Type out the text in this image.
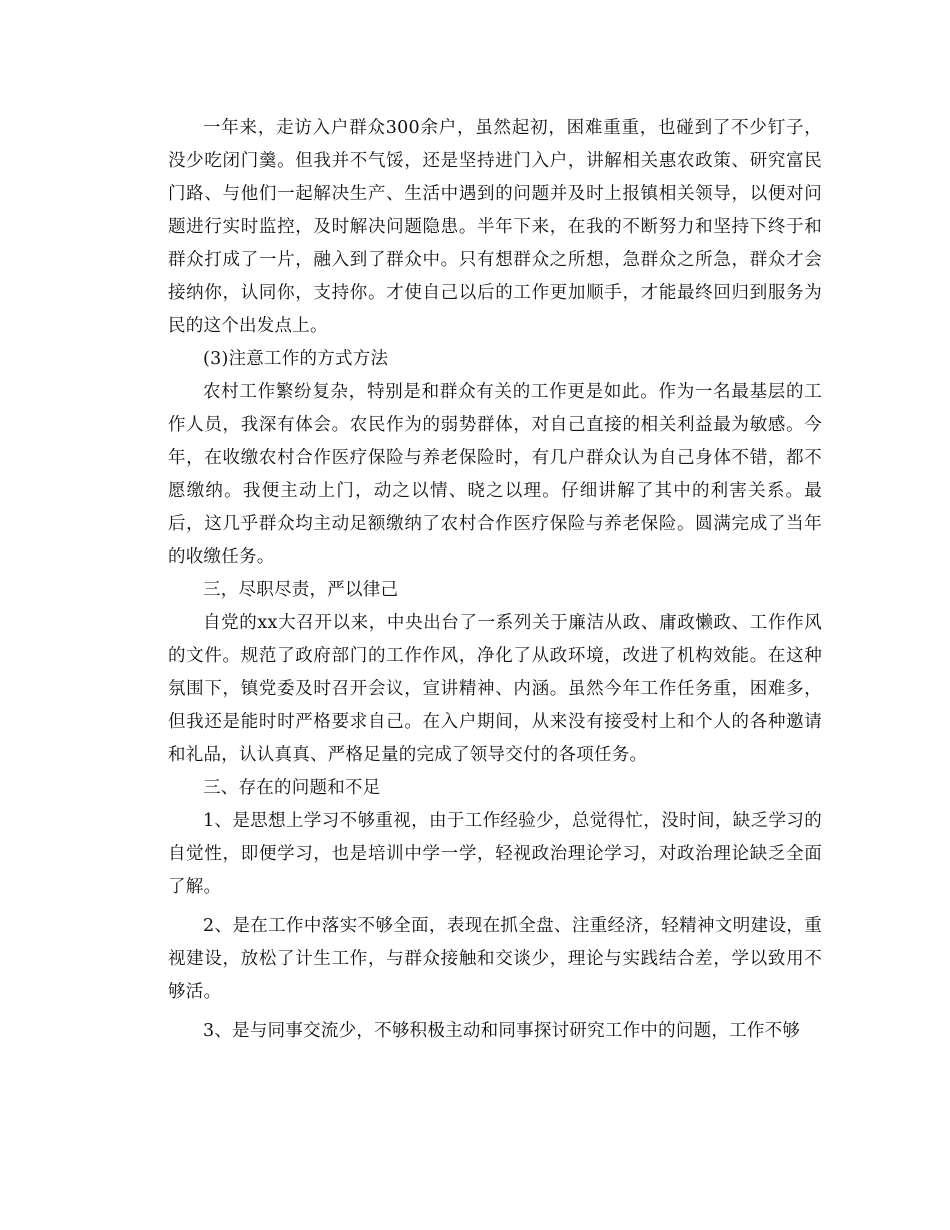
一年来，走访入户群众300余户，虽然起初，困难重重，也碰到了不少钉子，没少吃闭门羹。但我并不气馁，还是坚持进门入户，讲解相关惠农政策、研究富民门路、与他们一起解决生产、生活中遇到的问题并及时上报镇相关领导，以便对问题进行实时监控，及时解决问题隐患。半年下来，在我的不断努力和坚持下终于和群众打成了一片，融入到了群众中。只有想群众之所想，急群众之所急，群众才会接纳你，认同你，支持你。才使自己以后的工作更加顺手，才能最终回归到服务为民的这个出发点上。

(3)注意工作的方式方法

农村工作繁纷复杂，特别是和群众有关的工作更是如此。作为一名最基层的工作人员，我深有体会。农民作为的弱势群体，对自己直接的相关利益最为敏感。今年，在收缴农村合作医疗保险与养老保险时，有几户群众认为自己身体不错，都不愿缴纳。我便主动上门，动之以情、晓之以理。仔细讲解了其中的利害关系。最后，这几乎群众均主动足额缴纳了农村合作医疗保险与养老保险。圆满完成了当年的收缴任务。

三，尽职尽责，严以律己

自党的xx大召开以来，中央出台了一系列关于廉洁从政、庸政懒政、工作作风的文件。规范了政府部门的工作作风，净化了从政环境，改进了机构效能。在这种氛围下，镇党委及时召开会议，宣讲精神、内涵。虽然今年工作任务重，困难多，但我还是能时时严格要求自己。在入户期间，从来没有接受村上和个人的各种邀请和礼品，认认真真、严格足量的完成了领导交付的各项任务。

三、存在的问题和不足

1、是思想上学习不够重视，由于工作经验少，总觉得忙，没时间，缺乏学习的自觉性，即便学习，也是培训中学一学，轻视政治理论学习，对政治理论缺乏全面了解。

2、是在工作中落实不够全面，表现在抓全盘、注重经济，轻精神文明建设，重视建设，放松了计生工作，与群众接触和交谈少，理论与实践结合差，学以致用不够活。

3、是与同事交流少，不够积极主动和同事探讨研究工作中的问题，工作不够
